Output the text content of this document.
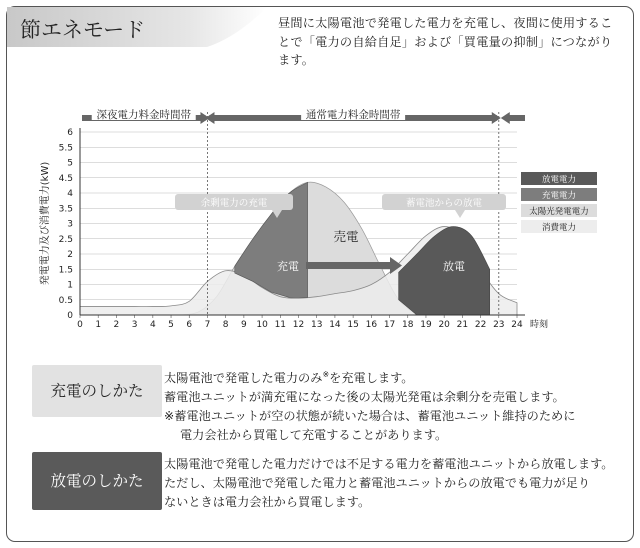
節エネモード	昼間に太陽電池で発電した電力を充電し、夜間に使用することで「電力の自給自足」および「買電量の抑制」につながります。
0
0.5
1
1.5
2
2.5
3
3.5
4
4.5
5
5.5
6
0 1 2 3 4 5 6 7 8 9 10 11 12 13 14 15 16 17 18 19 20 21 22 23 24 時刻
深夜電力料金時間帯	通常電力料金時間帯
余剰電力の充電	蓄電池からの放電
売電
充電	放電
発電電力及び消費電力(kW)	放電電力
充電電力
太陽光発電電力
消費電力
充電のしかた
太陽電池で発電した電力のみ※を充電します。
蓄電池ユニットが満充電になった後の太陽光発電は余剰分を売電します。
※蓄電池ユニットが空の状態が続いた場合は、蓄電池ユニット維持のために
電力会社から買電して充電することがあります。
放電のしかた
太陽電池で発電した電力だけでは不足する電力を蓄電池ユニットから放電します。
ただし、太陽電池で発電した電力と蓄電池ユニットからの放電でも電力が足り
ないときは電力会社から買電します。
